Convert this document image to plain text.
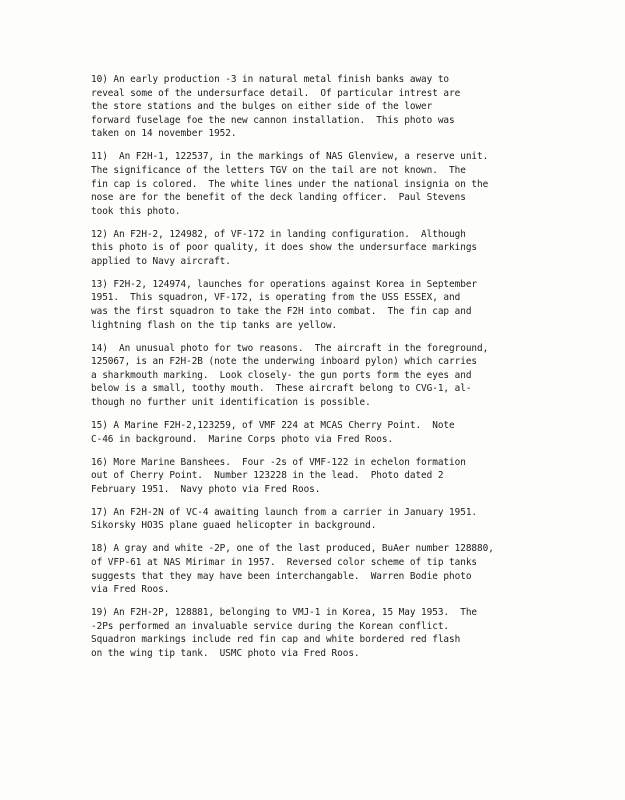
10) An early production -3 in natural metal finish banks away to
reveal some of the undersurface detail.  Of particular intrest are
the store stations and the bulges on either side of the lower
forward fuselage foe the new cannon installation.  This photo was
taken on 14 november 1952.

11)  An F2H-1, 122537, in the markings of NAS Glenview, a reserve unit.
The significance of the letters TGV on the tail are not known.  The
fin cap is colored.  The white lines under the national insignia on the
nose are for the benefit of the deck landing officer.  Paul Stevens
took this photo.

12) An F2H-2, 124982, of VF-172 in landing configuration.  Although
this photo is of poor quality, it does show the undersurface markings
applied to Navy aircraft.

13) F2H-2, 124974, launches for operations against Korea in September
1951.  This squadron, VF-172, is operating from the USS ESSEX, and
was the first squadron to take the F2H into combat.  The fin cap and
lightning flash on the tip tanks are yellow.

14)  An unusual photo for two reasons.  The aircraft in the foreground,
125067, is an F2H-2B (note the underwing inboard pylon) which carries
a sharkmouth marking.  Look closely- the gun ports form the eyes and
below is a small, toothy mouth.  These aircraft belong to CVG-1, al-
though no further unit identification is possible.

15) A Marine F2H-2,123259, of VMF 224 at MCAS Cherry Point.  Note
C-46 in background.  Marine Corps photo via Fred Roos.

16) More Marine Banshees.  Four -2s of VMF-122 in echelon formation
out of Cherry Point.  Number 123228 in the lead.  Photo dated 2
February 1951.  Navy photo via Fred Roos.

17) An F2H-2N of VC-4 awaiting launch from a carrier in January 1951.
Sikorsky HO3S plane guaed helicopter in background.

18) A gray and white -2P, one of the last produced, BuAer number 128880,
of VFP-61 at NAS Mirimar in 1957.  Reversed color scheme of tip tanks
suggests that they may have been interchangable.  Warren Bodie photo
via Fred Roos.

19) An F2H-2P, 128881, belonging to VMJ-1 in Korea, 15 May 1953.  The
-2Ps performed an invaluable service during the Korean conflict.
Squadron markings include red fin cap and white bordered red flash
on the wing tip tank.  USMC photo via Fred Roos.
